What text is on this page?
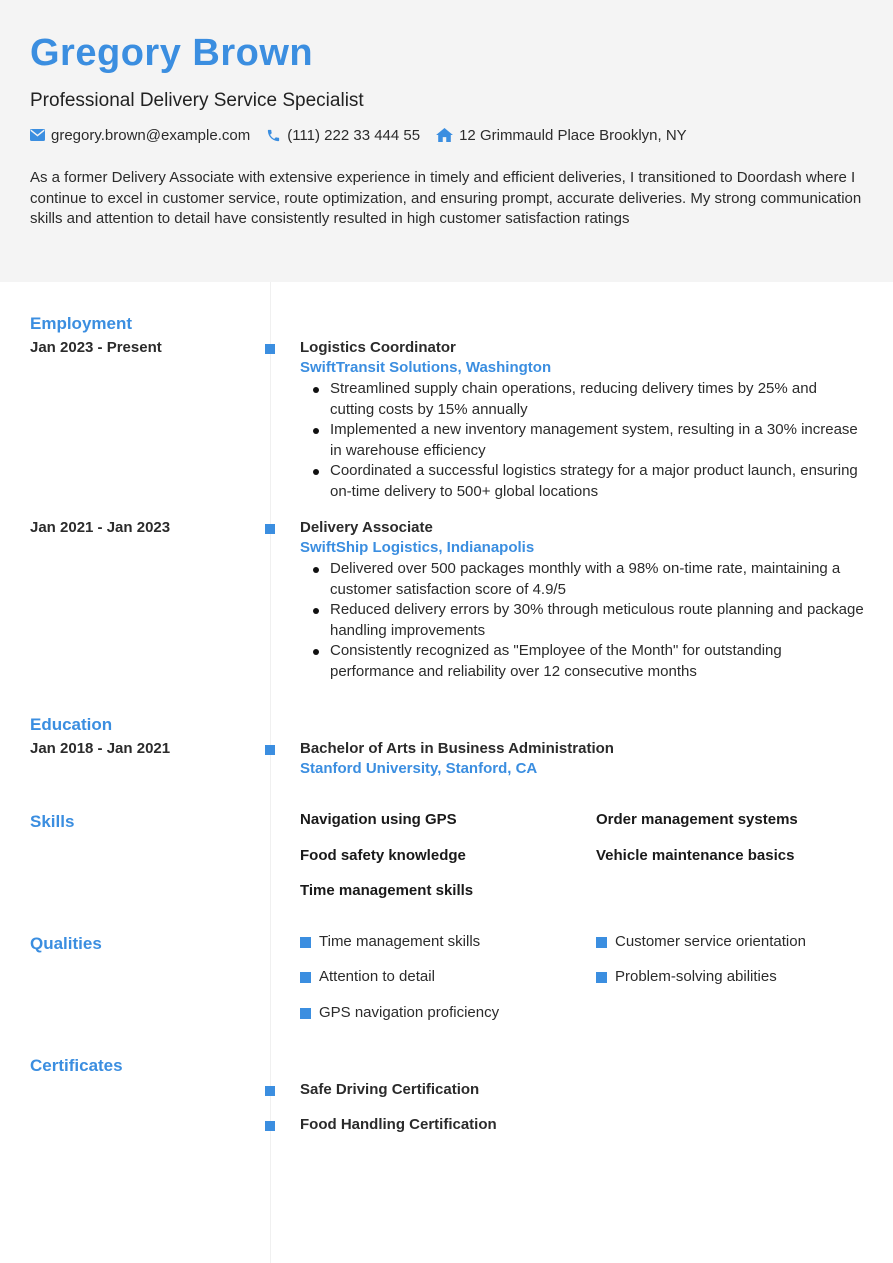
Gregory Brown
Professional Delivery Service Specialist
gregory.brown@example.com (111) 222 33 444 55	12 Grimmauld Place Brooklyn, NY
As a former Delivery Associate with extensive experience in timely and efficient deliveries, I transitioned to Doordash where I continue to excel in customer service, route optimization, and ensuring prompt, accurate deliveries. My strong communication skills and attention to detail have consistently resulted in high customer satisfaction ratings
Employment
Jan 2023 - Present	Logistics Coordinator
SwiftTransit Solutions, Washington
Streamlined supply chain operations, reducing delivery times by 25% and cutting costs by 15% annually
Implemented a new inventory management system, resulting in a 30% increase in warehouse efficiency
Coordinated a successful logistics strategy for a major product launch, ensuring on-time delivery to 500+ global locations
Jan 2021 - Jan 2023	Delivery Associate
SwiftShip Logistics, Indianapolis
Delivered over 500 packages monthly with a 98% on-time rate, maintaining a customer satisfaction score of 4.9/5
Reduced delivery errors by 30% through meticulous route planning and package handling improvements
Consistently recognized as "Employee of the Month" for outstanding performance and reliability over 12 consecutive months
Education
Jan 2018 - Jan 2021	Bachelor of Arts in Business Administration
Stanford University, Stanford, CA
Skills	Navigation using GPS	Order management systems
Food safety knowledge	Vehicle maintenance basics
Time management skills
Qualities	Time management skills	Customer service orientation
Attention to detail	Problem-solving abilities
GPS navigation proficiency
Certificates
Safe Driving Certification
Food Handling Certification
